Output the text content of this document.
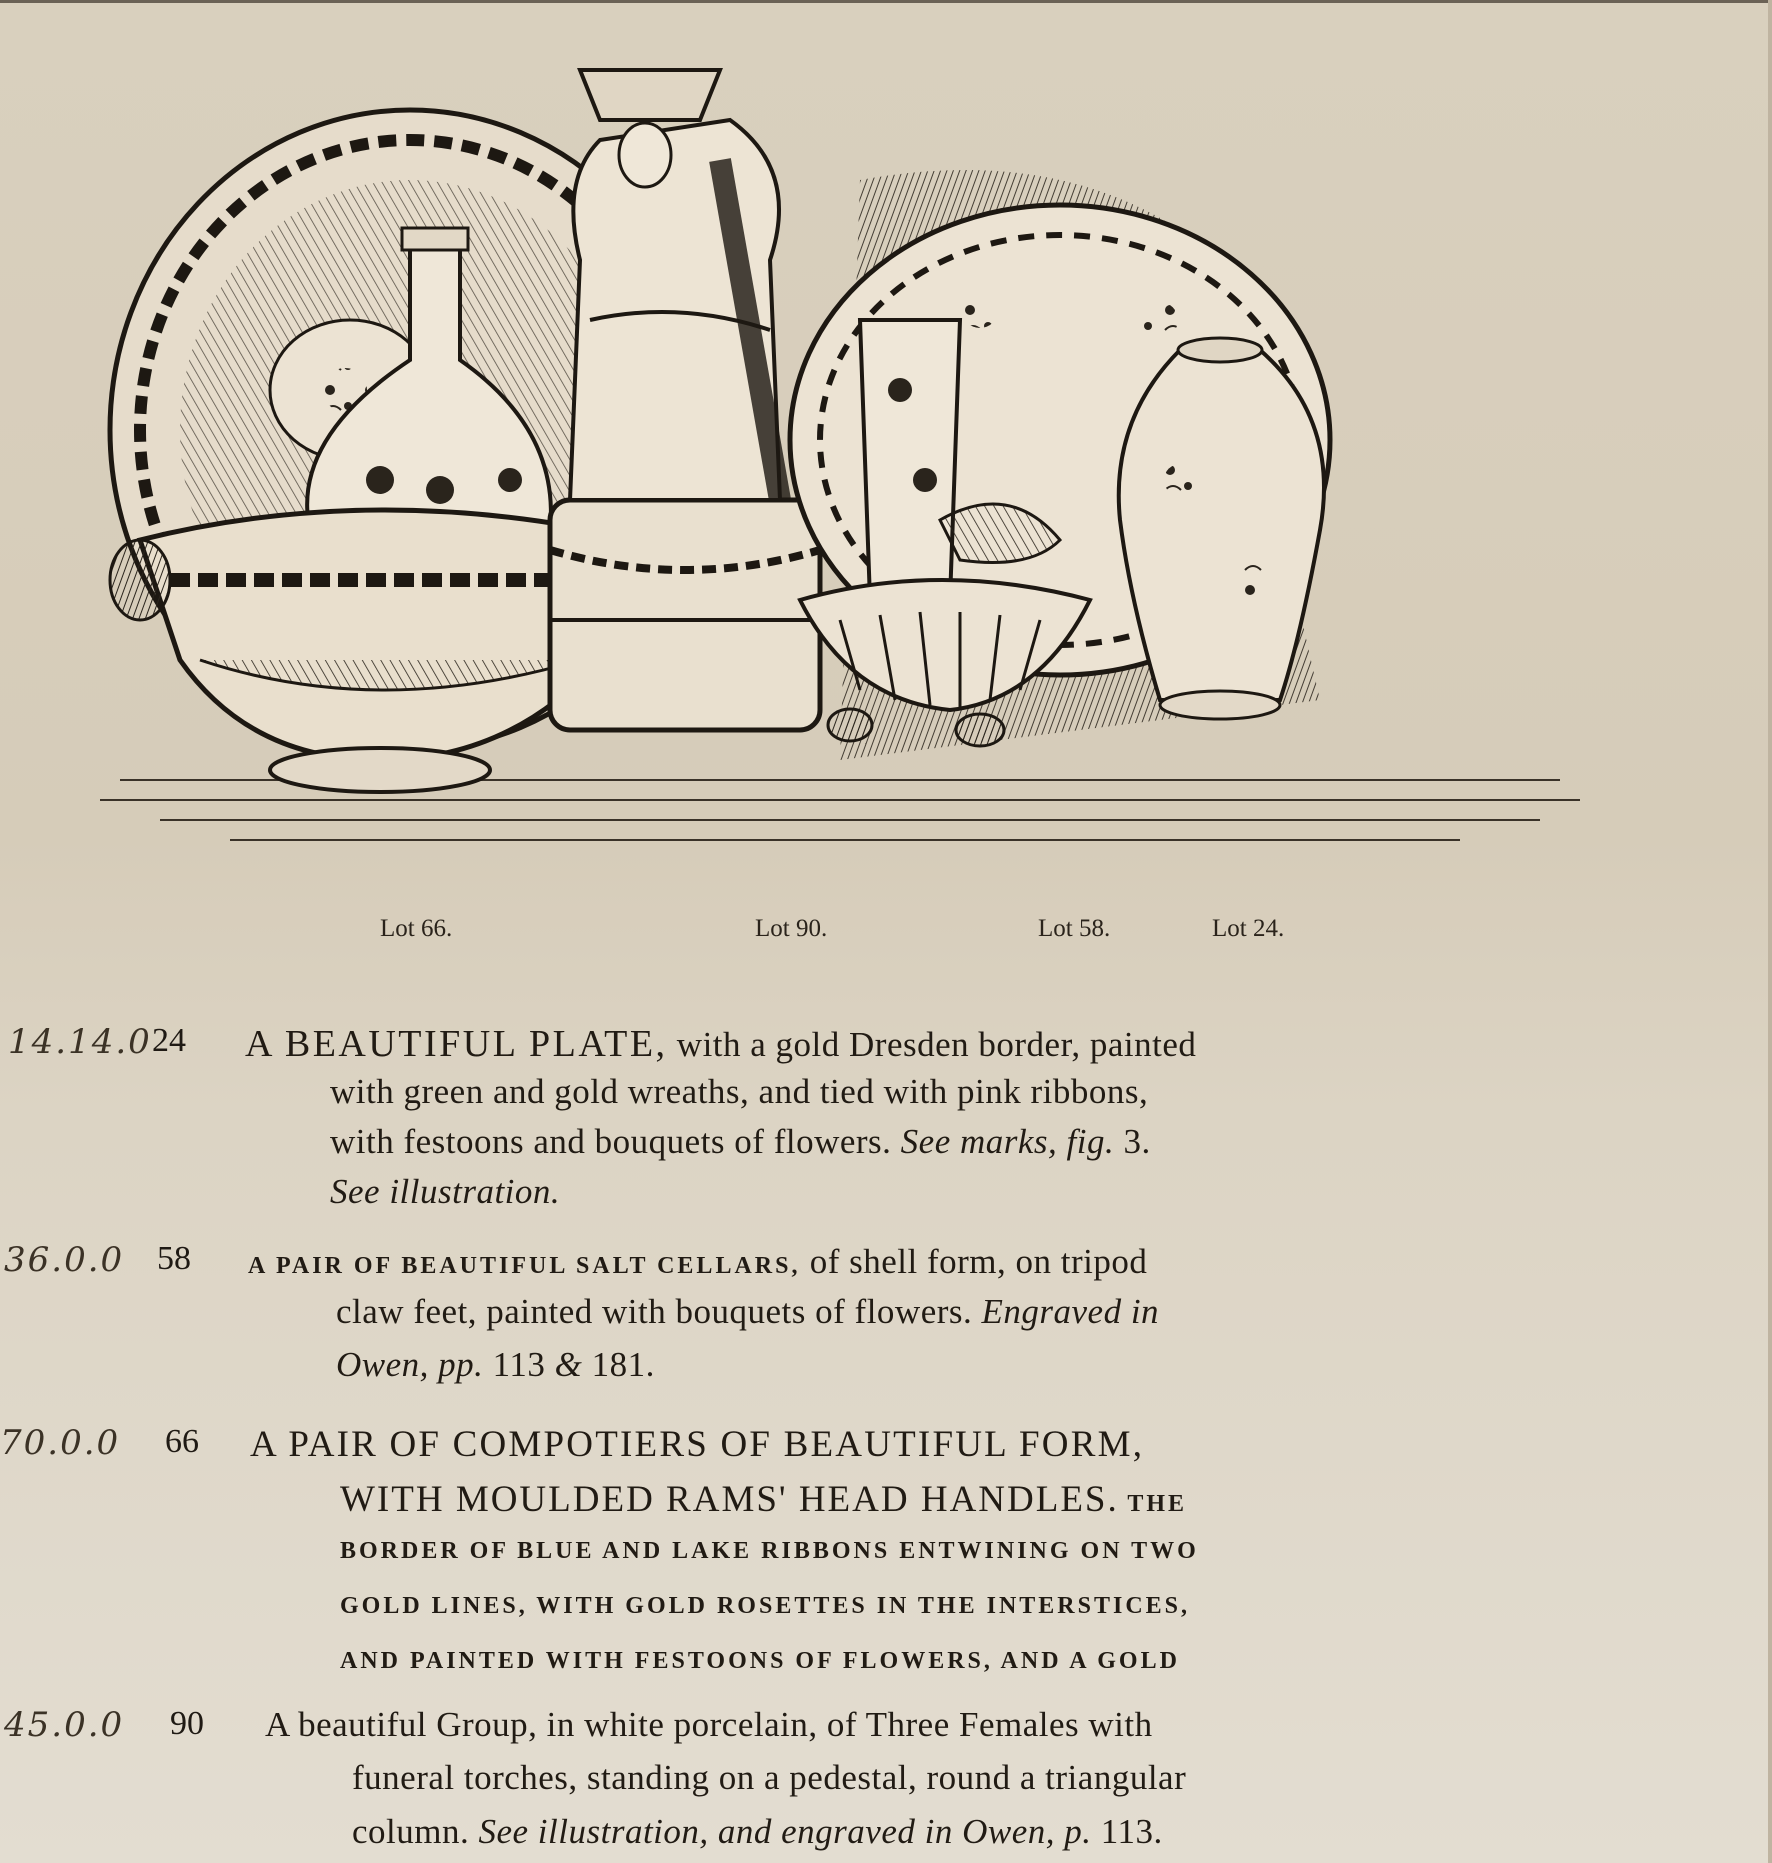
Lot 66.	Lot 90.	Lot 58.	Lot 24.
14.14.0 24 A BEAUTIFUL PLATE, with a gold Dresden border, painted
with green and gold wreaths, and tied with pink ribbons,
with festoons and bouquets of flowers. See marks, fig. 3.
See illustration.
36.0.0 58 A PAIR OF BEAUTIFUL SALT CELLARS, of shell form, on tripod
claw feet, painted with bouquets of flowers. Engraved in
Owen, pp. 113 & 181.
70.0.0 66 A PAIR OF COMPOTIERS OF BEAUTIFUL FORM,
WITH MOULDED RAMS' HEAD HANDLES. THE
BORDER OF BLUE AND LAKE RIBBONS ENTWINING ON TWO
GOLD LINES, WITH GOLD ROSETTES IN THE INTERSTICES,
AND PAINTED WITH FESTOONS OF FLOWERS, AND A GOLD
45.0.0 90 A beautiful Group, in white porcelain, of Three Females with
funeral torches, standing on a pedestal, round a triangular
column. See illustration, and engraved in Owen, p. 113.
